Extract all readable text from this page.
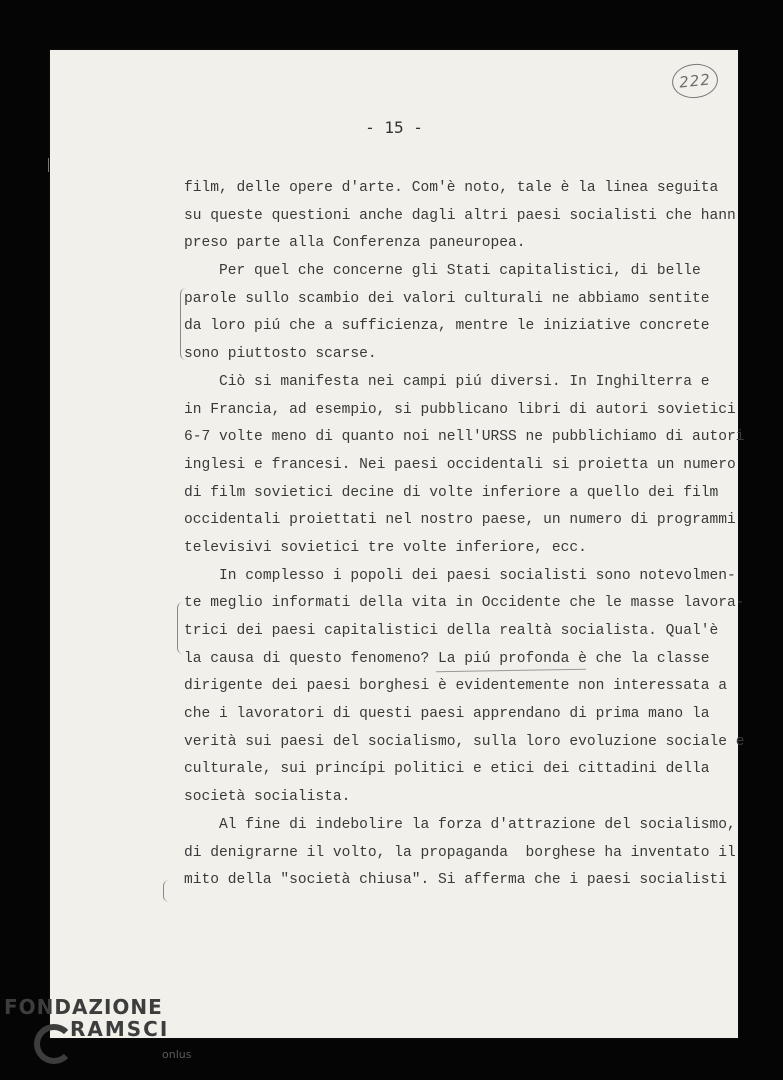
222
- 15 -
film, delle opere d'arte. Com'è noto, tale è la linea seguita
su queste questioni anche dagli altri paesi socialisti che hann
preso parte alla Conferenza paneuropea.
Per quel che concerne gli Stati capitalistici, di belle
parole sullo scambio dei valori culturali ne abbiamo sentite
da loro piú che a sufficienza, mentre le iniziative concrete
sono piuttosto scarse.
Ciò si manifesta nei campi piú diversi. In Inghilterra e
in Francia, ad esempio, si pubblicano libri di autori sovietici
6-7 volte meno di quanto noi nell'URSS ne pubblichiamo di autori
inglesi e francesi. Nei paesi occidentali si proietta un numero
di film sovietici decine di volte inferiore a quello dei film
occidentali proiettati nel nostro paese, un numero di programmi
televisivi sovietici tre volte inferiore, ecc.
In complesso i popoli dei paesi socialisti sono notevolmen-
te meglio informati della vita in Occidente che le masse lavora-
trici dei paesi capitalistici della realtà socialista. Qual'è
la causa di questo fenomeno? La piú profonda è che la classe
dirigente dei paesi borghesi è evidentemente non interessata a
che i lavoratori di questi paesi apprendano di prima mano la
verità sui paesi del socialismo, sulla loro evoluzione sociale e
culturale, sui princípi politici e etici dei cittadini della
società socialista.
Al fine di indebolire la forza d'attrazione del socialismo,
di denigrarne il volto, la propaganda  borghese ha inventato il
mito della "società chiusa". Si afferma che i paesi socialisti
FONDAZIONE
RAMSCI
onlus
